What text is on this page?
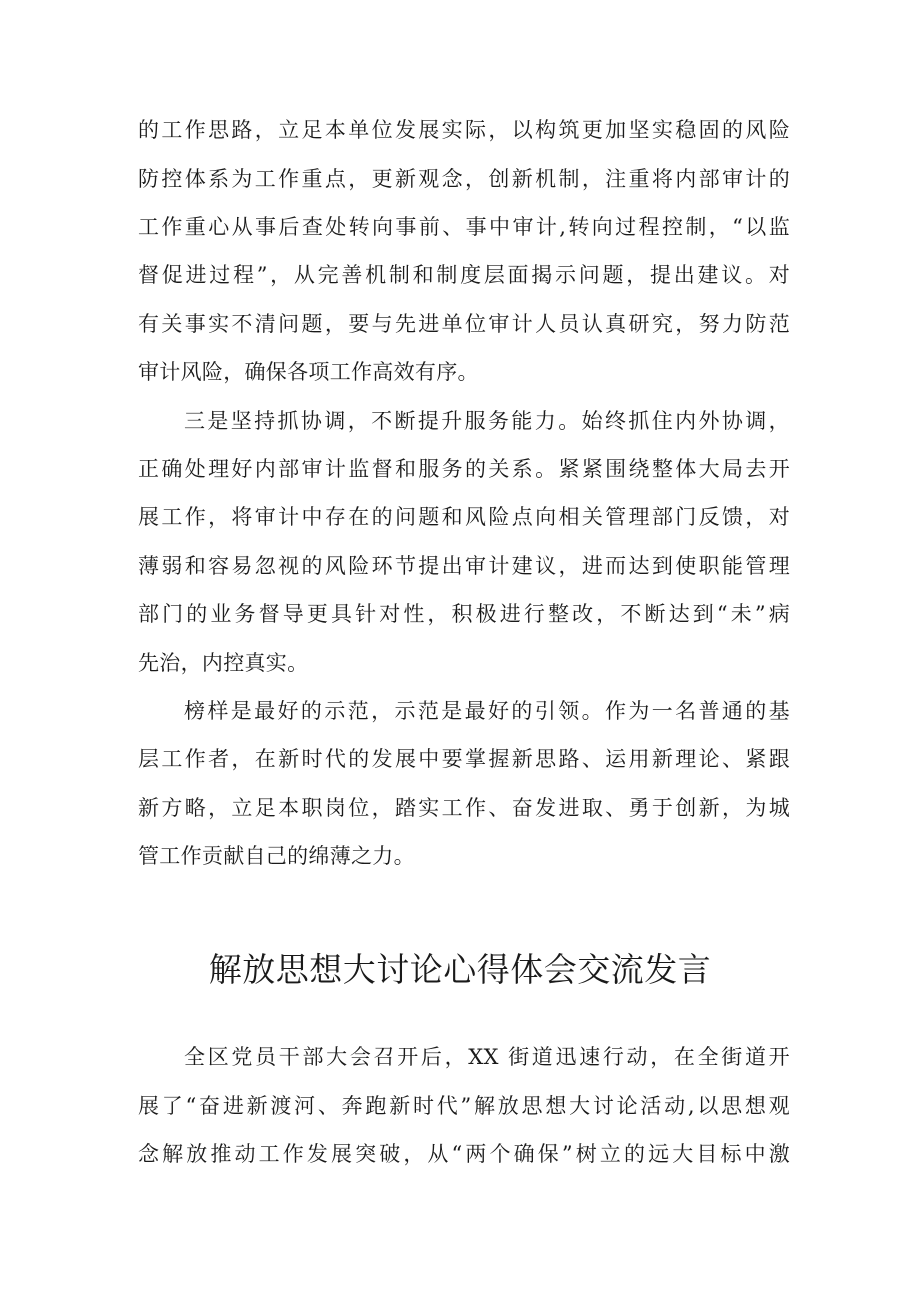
的工作思路，立足本单位发展实际，以构筑更加坚实稳固的风险
防控体系为工作重点，更新观念，创新机制，注重将内部审计的
工作重心从事后查处转向事前、事中审计,转向过程控制，“以监
督促进过程”，从完善机制和制度层面揭示问题，提出建议。对
有关事实不清问题，要与先进单位审计人员认真研究，努力防范
审计风险，确保各项工作高效有序。
三是坚持抓协调，不断提升服务能力。始终抓住内外协调，
正确处理好内部审计监督和服务的关系。紧紧围绕整体大局去开
展工作，将审计中存在的问题和风险点向相关管理部门反馈，对
薄弱和容易忽视的风险环节提出审计建议，进而达到使职能管理
部门的业务督导更具针对性，积极进行整改，不断达到“未”病
先治，内控真实。
榜样是最好的示范，示范是最好的引领。作为一名普通的基
层工作者，在新时代的发展中要掌握新思路、运用新理论、紧跟
新方略，立足本职岗位，踏实工作、奋发进取、勇于创新，为城
管工作贡献自己的绵薄之力。
解放思想大讨论心得体会交流发言
全区党员干部大会召开后，XX 街道迅速行动，在全街道开
展了“奋进新渡河、奔跑新时代”解放思想大讨论活动,以思想观
念解放推动工作发展突破，从“两个确保”树立的远大目标中激
